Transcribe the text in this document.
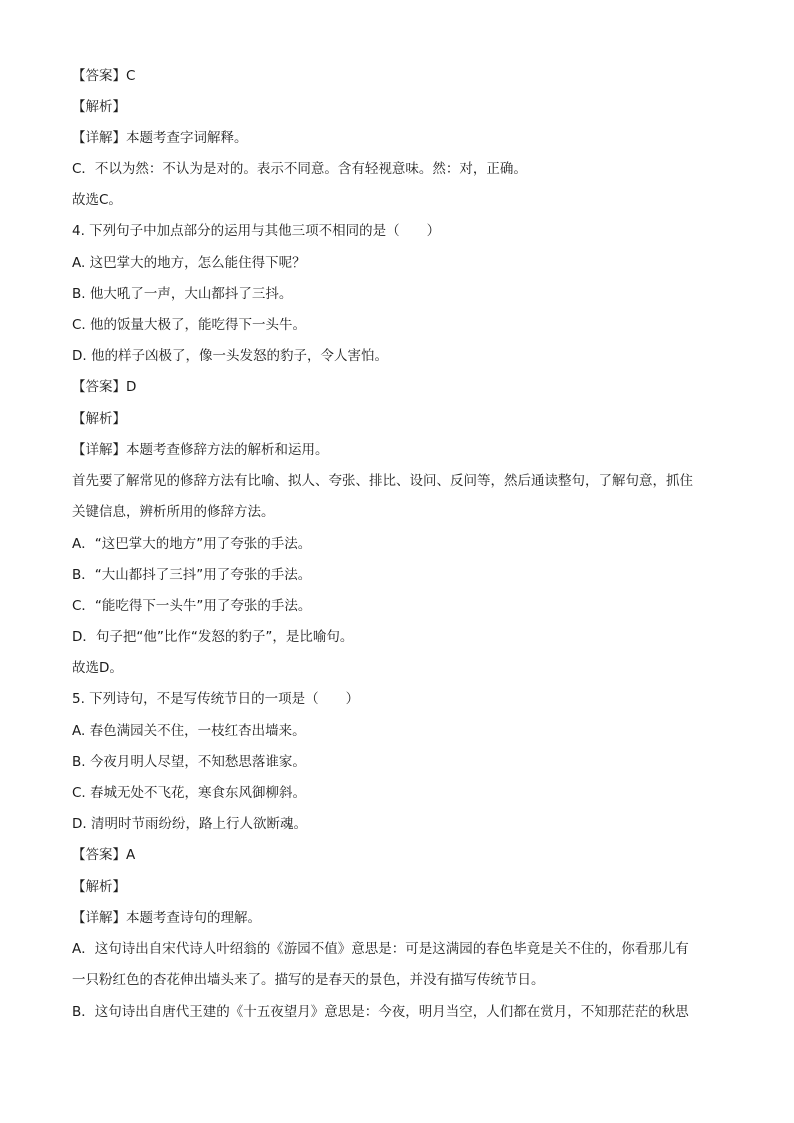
【答案】C
【解析】
【详解】本题考查字词解释。
C．不以为然：不认为是对的。表示不同意。含有轻视意味。然：对，正确。
故选C。
4. 下列句子中加点部分的运用与其他三项不相同的是（　　）
A. 这巴掌大的地方，怎么能住得下呢？
B. 他大吼了一声，大山都抖了三抖。
C. 他的饭量大极了，能吃得下一头牛。
D. 他的样子凶极了，像一头发怒的豹子，令人害怕。
【答案】D
【解析】
【详解】本题考查修辞方法的解析和运用。
首先要了解常见的修辞方法有比喻、拟人、夸张、排比、设问、反问等，然后通读整句，了解句意，抓住
关键信息，辨析所用的修辞方法。
A．“这巴掌大的地方”用了夸张的手法。
B．“大山都抖了三抖”用了夸张的手法。
C．“能吃得下一头牛”用了夸张的手法。
D．句子把“他”比作“发怒的豹子”，是比喻句。
故选D。
5. 下列诗句，不是写传统节日的一项是（　　）
A. 春色满园关不住，一枝红杏出墙来。
B. 今夜月明人尽望，不知愁思落谁家。
C. 春城无处不飞花，寒食东风御柳斜。
D. 清明时节雨纷纷，路上行人欲断魂。
【答案】A
【解析】
【详解】本题考查诗句的理解。
A．这句诗出自宋代诗人叶绍翁的《游园不值》意思是：可是这满园的春色毕竟是关不住的，你看那儿有
一只粉红色的杏花伸出墙头来了。描写的是春天的景色，并没有描写传统节日。
B．这句诗出自唐代王建的《十五夜望月》意思是：今夜，明月当空，人们都在赏月，不知那茫茫的秋思
